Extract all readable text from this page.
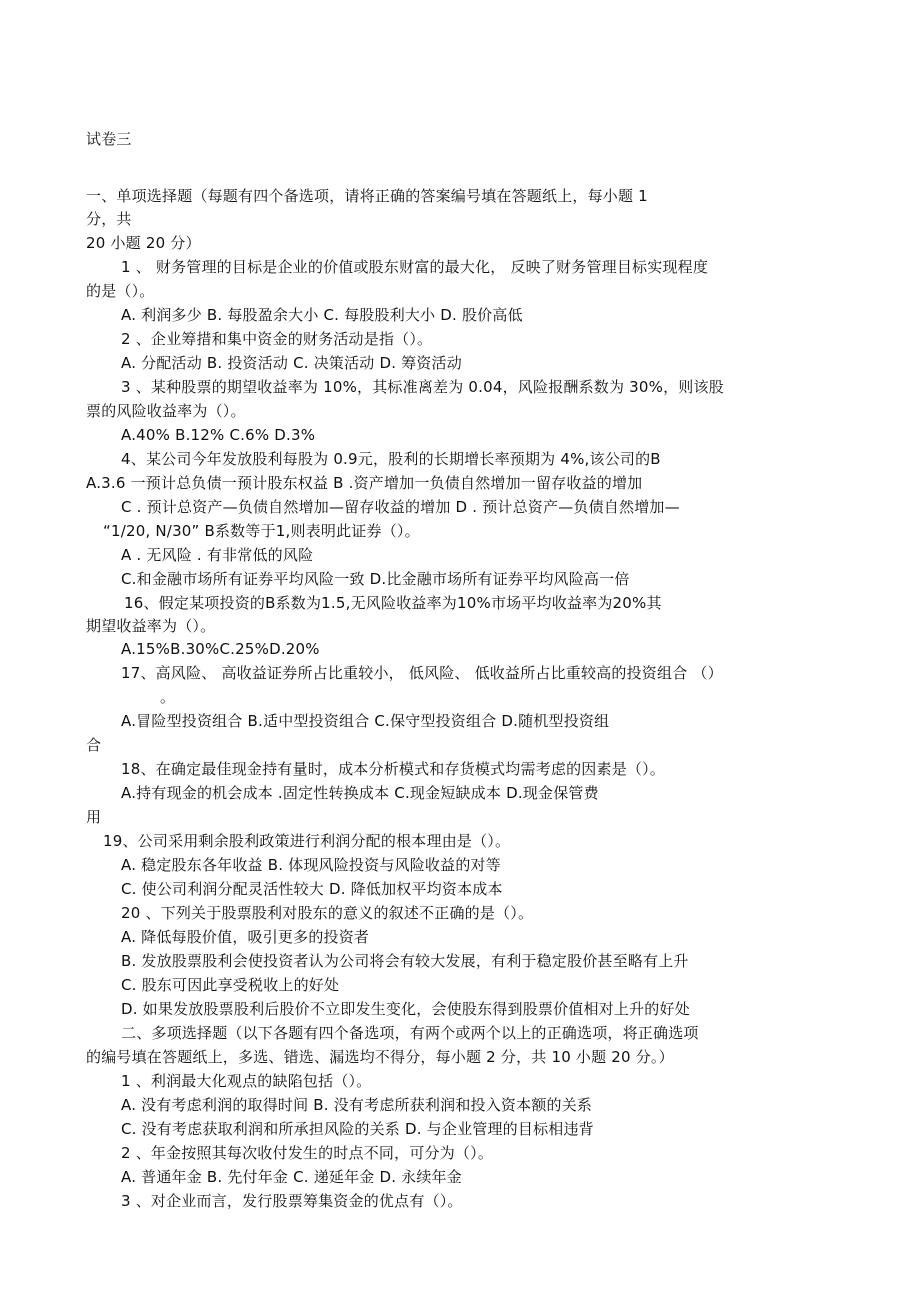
试卷三
一、单项选择题（每题有四个备选项，请将正确的答案编号填在答题纸上，每小题 1
分，共
20 小题 20 分）
1 、 财务管理的目标是企业的价值或股东财富的最大化， 反映了财务管理目标实现程度
的是（）。
A. 利润多少 B. 每股盈余大小 C. 每股股利大小 D. 股价高低
2 、企业筹措和集中资金的财务活动是指（）。
A. 分配活动 B. 投资活动 C. 决策活动 D. 筹资活动
3 、某种股票的期望收益率为 10%，其标准离差为 0.04，风险报酬系数为 30%，则该股
票的风险收益率为（）。
A.40% B.12% C.6% D.3%
4、某公司今年发放股利每股为 0.9元，股利的长期增长率预期为 4%,该公司的B
A.3.6 一预计总负债一预计股东权益 B .资产增加一负债自然增加一留存收益的增加
C . 预计总资产—负债自然增加—留存收益的增加 D . 预计总资产—负债自然增加—
“1/20, N/30” B系数等于1,则表明此证券（）。
A . 无风险 . 有非常低的风险
C.和金融市场所有证券平均风险一致 D.比金融市场所有证券平均风险高一倍
16、假定某项投资的B系数为1.5,无风险收益率为10%市场平均收益率为20%其
期望收益率为（）。
A.15%B.30%C.25%D.20%
17、高风险、 高收益证券所占比重较小， 低风险、 低收益所占比重较高的投资组合 （）
。
A.冒险型投资组合 B.适中型投资组合 C.保守型投资组合 D.随机型投资组
合
18、在确定最佳现金持有量时，成本分析模式和存货模式均需考虑的因素是（）。
A.持有现金的机会成本 .固定性转换成本 C.现金短缺成本 D.现金保管费
用
19、公司采用剩余股利政策进行利润分配的根本理由是（）。
A. 稳定股东各年收益 B. 体现风险投资与风险收益的对等
C. 使公司利润分配灵活性较大 D. 降低加权平均资本成本
20 、下列关于股票股利对股东的意义的叙述不正确的是（）。
A. 降低每股价值，吸引更多的投资者
B. 发放股票股利会使投资者认为公司将会有较大发展，有利于稳定股价甚至略有上升
C. 股东可因此享受税收上的好处
D. 如果发放股票股利后股价不立即发生变化，会使股东得到股票价值相对上升的好处
二、多项选择题（以下各题有四个备选项，有两个或两个以上的正确选项，将正确选项
的编号填在答题纸上，多选、错选、漏选均不得分，每小题 2 分，共 10 小题 20 分。）
1 、利润最大化观点的缺陷包括（）。
A. 没有考虑利润的取得时间 B. 没有考虑所获利润和投入资本额的关系
C. 没有考虑获取利润和所承担风险的关系 D. 与企业管理的目标相违背
2 、年金按照其每次收付发生的时点不同，可分为（）。
A. 普通年金 B. 先付年金 C. 递延年金 D. 永续年金
3 、对企业而言，发行股票筹集资金的优点有（）。
